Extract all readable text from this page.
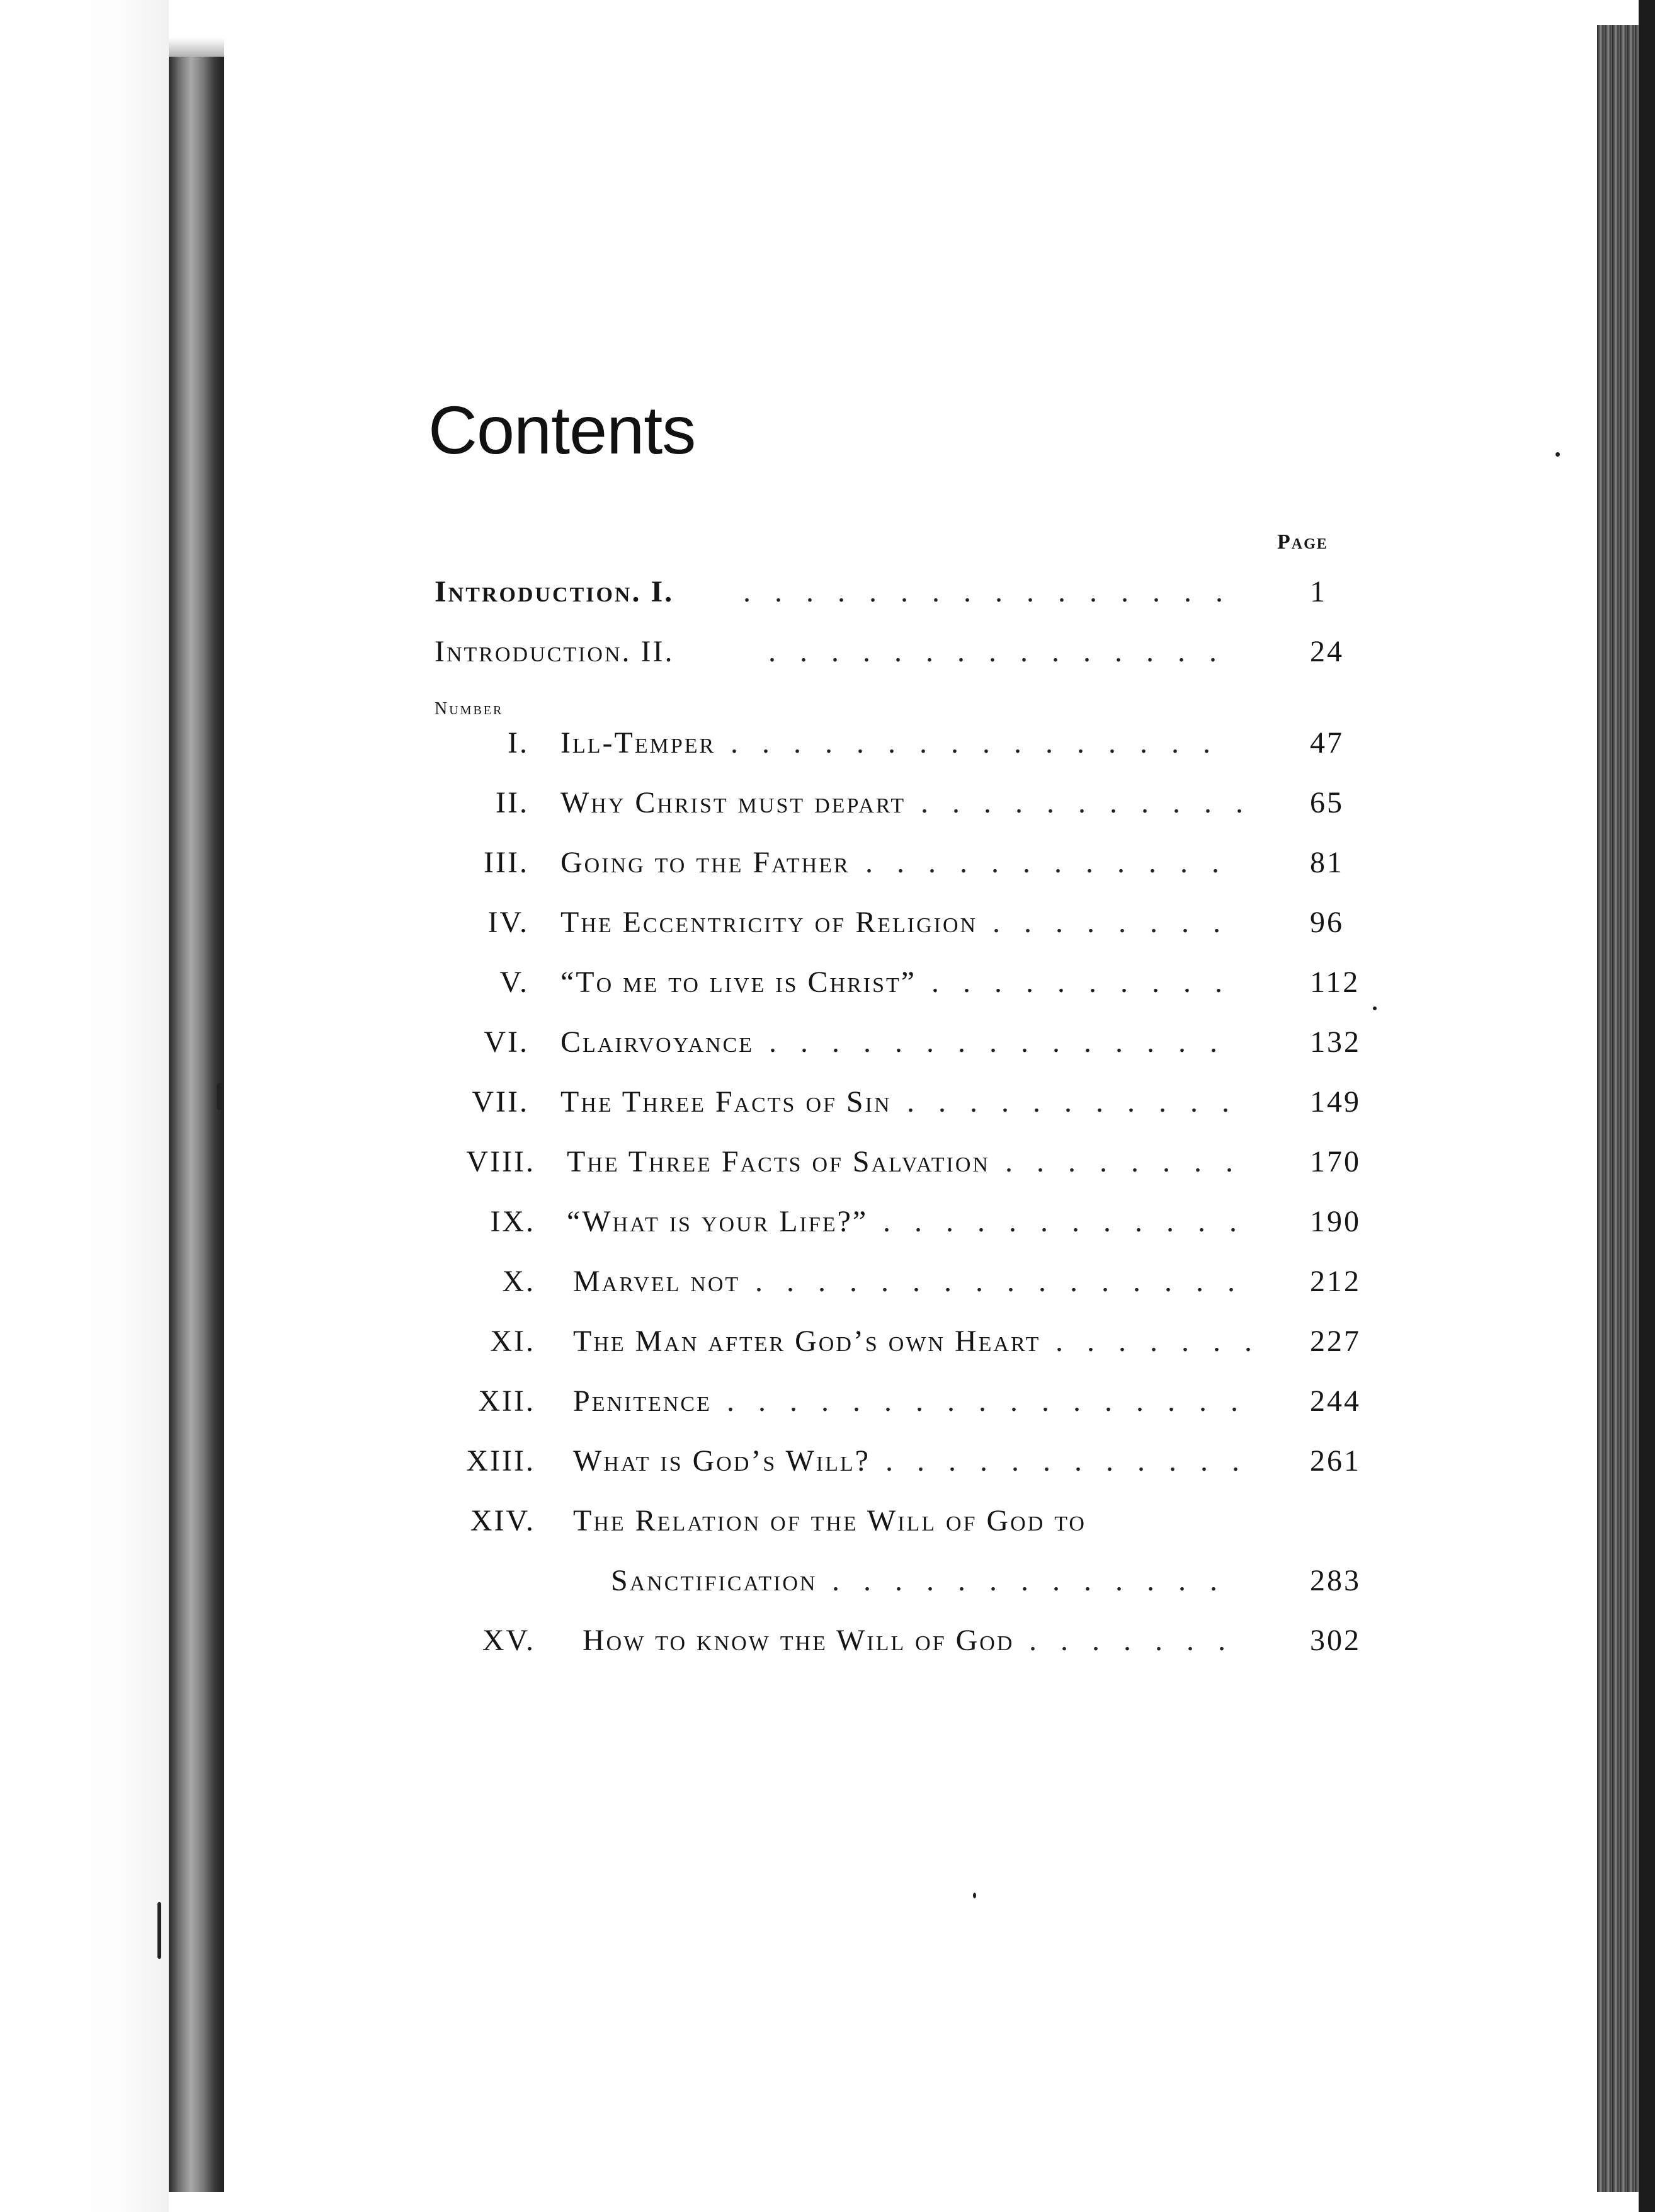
Contents
Page
Number
Introduction. I.	1
................
Introduction. II.	24
...............
I. Ill-Temper	47
................
II. Why Christ must depart	65
...........
III. Going to the Father	81
............
IV. The Eccentricity of Religion	96
........
V. “To me to live is Christ”	112
..........
VI. Clairvoyance	132
...............
VII. The Three Facts of Sin	149
...........
VIII. The Three Facts of Salvation	170
........
IX. “What is your Life?”	190
............
X. Marvel not	212
................
XI. The Man after God’s own Heart	227
.......
XII. Penitence	244
.................
XIII. What is God’s Will?	261
............
XIV. The Relation of the Will of God to
Sanctification	283
.............
XV. How to know the Will of God	302
.......
